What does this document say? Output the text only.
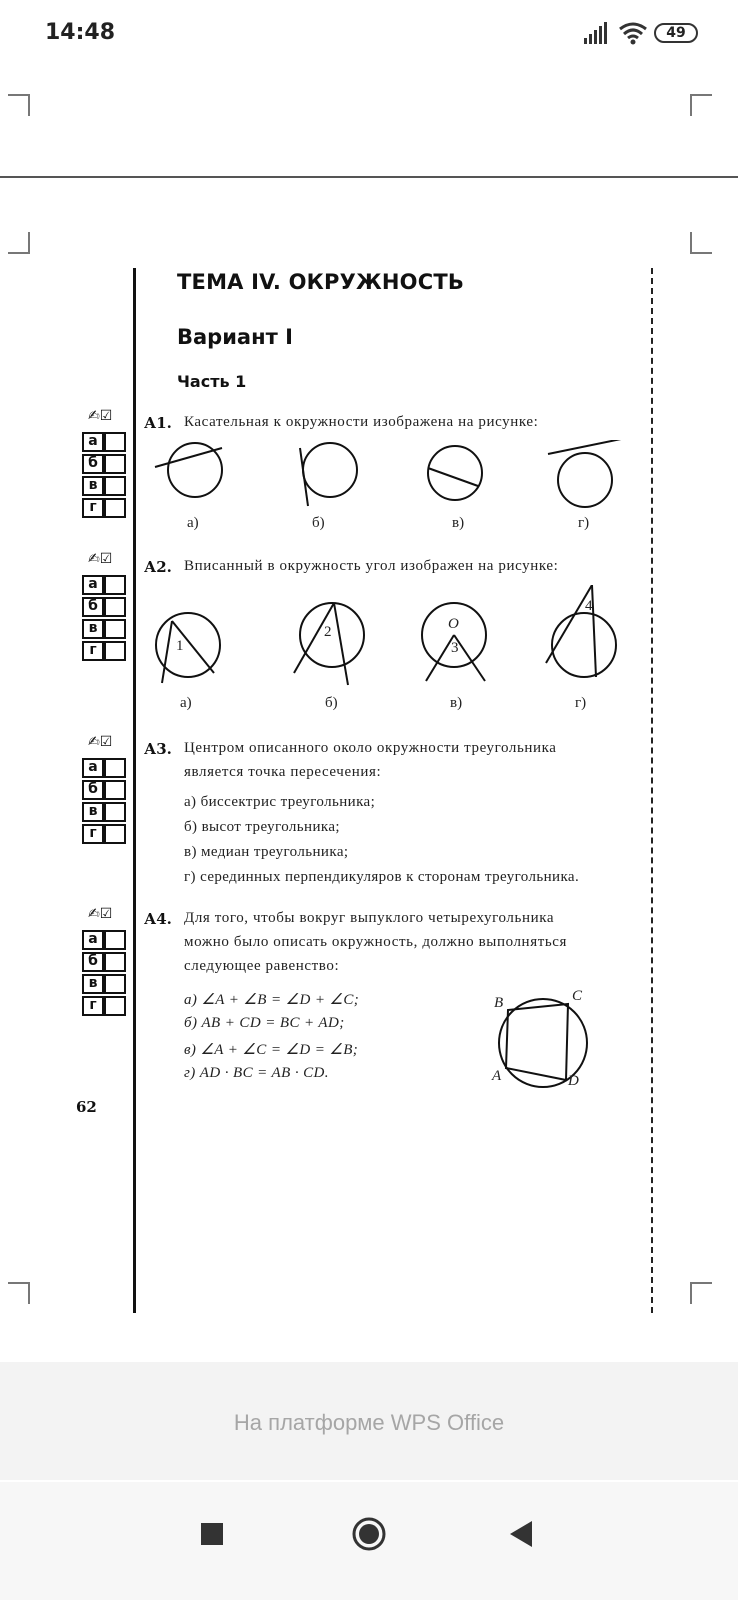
14:48	49
ТЕМА IV. ОКРУЖНОСТЬ
Вариант I
Часть 1
✍☑
а
б
в
г
✍☑
а
б
в
г
✍☑
а
б
в
г
✍☑
а
б
в
г
А1. Касательная к окружности изображена на рисунке:
а)	б)	в)	г)
А2. Вписанный в окружность угол изображен на рисунке:
1
2
3
4
O
а)	б)	в)	г)
А3. Центром описанного около окружности треугольника
является точка пересечения:
а) биссектрис треугольника;
б) высот треугольника;
в) медиан треугольника;
г) серединных перпендикуляров к сторонам треугольника.
А4. Для того, чтобы вокруг выпуклого четырехугольника
можно было описать окружность, должно выполняться
следующее равенство:
а) ∠A + ∠B = ∠D + ∠C;
б) AB + CD = BC + AD;
в) ∠A + ∠C = ∠D = ∠B;
г) AD · BC = AB · CD.
B	C
A	D
62
На платформе WPS Office
